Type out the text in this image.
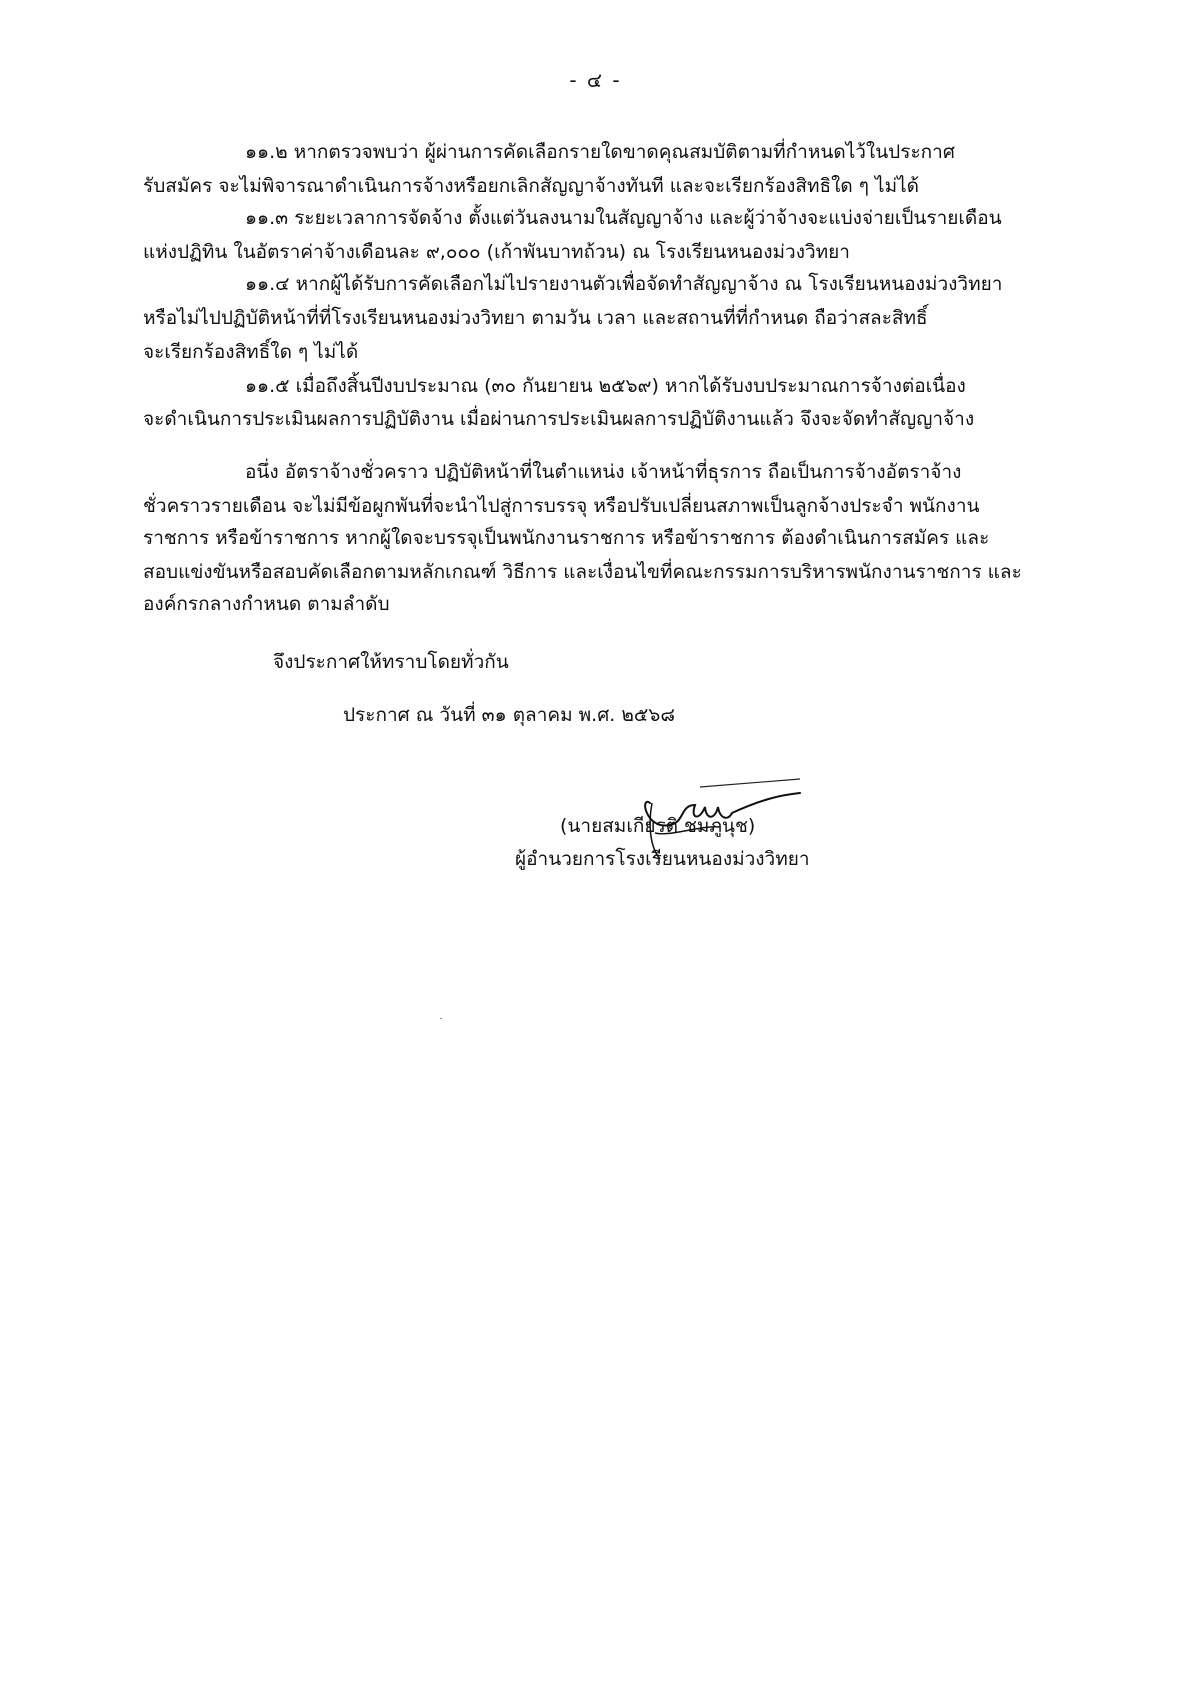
- ๔ -
๑๑.๒ หากตรวจพบว่า ผู้ผ่านการคัดเลือกรายใดขาดคุณสมบัติตามที่กำหนดไว้ในประกาศ
รับสมัคร จะไม่พิจารณาดำเนินการจ้างหรือยกเลิกสัญญาจ้างทันที และจะเรียกร้องสิทธิใด ๆ ไม่ได้
๑๑.๓ ระยะเวลาการจัดจ้าง ตั้งแต่วันลงนามในสัญญาจ้าง และผู้ว่าจ้างจะแบ่งจ่ายเป็นรายเดือน
แห่งปฏิทิน ในอัตราค่าจ้างเดือนละ ๙,๐๐๐ (เก้าพันบาทถ้วน) ณ โรงเรียนหนองม่วงวิทยา
๑๑.๔ หากผู้ได้รับการคัดเลือกไม่ไปรายงานตัวเพื่อจัดทำสัญญาจ้าง ณ โรงเรียนหนองม่วงวิทยา
หรือไม่ไปปฏิบัติหน้าที่ที่โรงเรียนหนองม่วงวิทยา ตามวัน เวลา และสถานที่ที่กำหนด ถือว่าสละสิทธิ์
จะเรียกร้องสิทธิ์ใด ๆ ไม่ได้
๑๑.๕ เมื่อถึงสิ้นปีงบประมาณ (๓๐ กันยายน ๒๕๖๙) หากได้รับงบประมาณการจ้างต่อเนื่อง
จะดำเนินการประเมินผลการปฏิบัติงาน เมื่อผ่านการประเมินผลการปฏิบัติงานแล้ว จึงจะจัดทำสัญญาจ้าง
อนึ่ง อัตราจ้างชั่วคราว ปฏิบัติหน้าที่ในตำแหน่ง เจ้าหน้าที่ธุรการ ถือเป็นการจ้างอัตราจ้าง
ชั่วคราวรายเดือน จะไม่มีข้อผูกพันที่จะนำไปสู่การบรรจุ หรือปรับเปลี่ยนสภาพเป็นลูกจ้างประจำ พนักงาน
ราชการ หรือข้าราชการ หากผู้ใดจะบรรจุเป็นพนักงานราชการ หรือข้าราชการ ต้องดำเนินการสมัคร และ
สอบแข่งขันหรือสอบคัดเลือกตามหลักเกณฑ์ วิธีการ และเงื่อนไขที่คณะกรรมการบริหารพนักงานราชการ และ
องค์กรกลางกำหนด ตามลำดับ
จึงประกาศให้ทราบโดยทั่วกัน
ประกาศ ณ วันที่ ๓๑ ตุลาคม พ.ศ. ๒๕๖๘
(นายสมเกียรติ ชมภูนุช)
ผู้อำนวยการโรงเรียนหนองม่วงวิทยา
